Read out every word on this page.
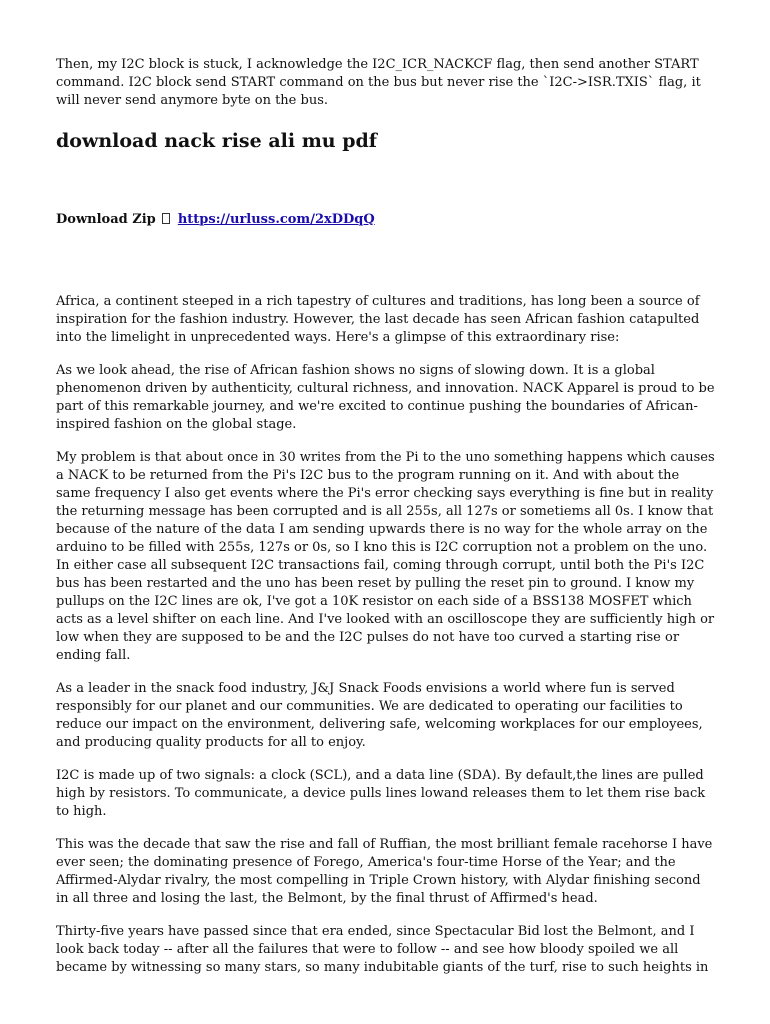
Then, my I2C block is stuck, I acknowledge the I2C_ICR_NACKCF flag, then send another START command. I2C block send START command on the bus but never rise the `I2C->ISR.TXIS` flag, it will never send anymore byte on the bus.

download nack rise ali mu pdf
Download Zip https://urluss.com/2xDDqQ

Africa, a continent steeped in a rich tapestry of cultures and traditions, has long been a source of inspiration for the fashion industry. However, the last decade has seen African fashion catapulted into the limelight in unprecedented ways. Here's a glimpse of this extraordinary rise:

As we look ahead, the rise of African fashion shows no signs of slowing down. It is a global phenomenon driven by authenticity, cultural richness, and innovation. NACK Apparel is proud to be part of this remarkable journey, and we're excited to continue pushing the boundaries of African-inspired fashion on the global stage.

My problem is that about once in 30 writes from the Pi to the uno something happens which causes a NACK to be returned from the Pi's I2C bus to the program running on it. And with about the same frequency I also get events where the Pi's error checking says everything is fine but in reality the returning message has been corrupted and is all 255s, all 127s or sometiems all 0s. I know that because of the nature of the data I am sending upwards there is no way for the whole array on the arduino to be filled with 255s, 127s or 0s, so I kno this is I2C corruption not a problem on the uno. In either case all subsequent I2C transactions fail, coming through corrupt, until both the Pi's I2C bus has been restarted and the uno has been reset by pulling the reset pin to ground. I know my pullups on the I2C lines are ok, I've got a 10K resistor on each side of a BSS138 MOSFET which acts as a level shifter on each line. And I've looked with an oscilloscope they are sufficiently high or low when they are supposed to be and the I2C pulses do not have too curved a starting rise or ending fall.

As a leader in the snack food industry, J&J Snack Foods envisions a world where fun is served responsibly for our planet and our communities. We are dedicated to operating our facilities to reduce our impact on the environment, delivering safe, welcoming workplaces for our employees, and producing quality products for all to enjoy.

I2C is made up of two signals: a clock (SCL), and a data line (SDA). By default,the lines are pulled high by resistors. To communicate, a device pulls lines lowand releases them to let them rise back to high.

This was the decade that saw the rise and fall of Ruffian, the most brilliant female racehorse I have ever seen; the dominating presence of Forego, America's four-time Horse of the Year; and the Affirmed-Alydar rivalry, the most compelling in Triple Crown history, with Alydar finishing second in all three and losing the last, the Belmont, by the final thrust of Affirmed's head.

Thirty-five years have passed since that era ended, since Spectacular Bid lost the Belmont, and I look back today -- after all the failures that were to follow -- and see how bloody spoiled we all became by witnessing so many stars, so many indubitable giants of the turf, rise to such heights in
